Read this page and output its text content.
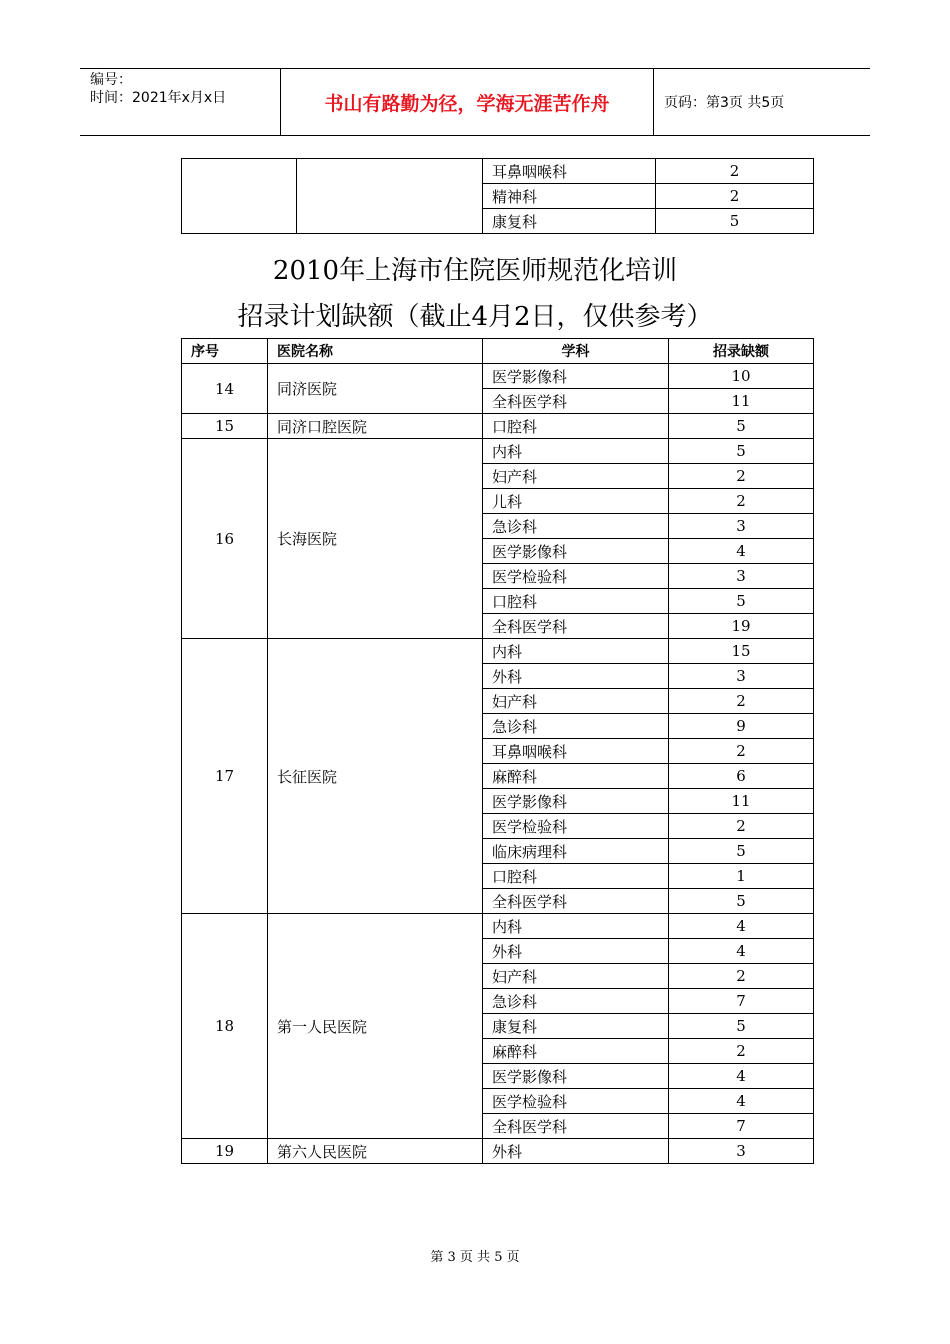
编号：
时间：2021年x月x日	书山有路勤为径，学海无涯苦作舟	页码：第3页 共5页
		耳鼻咽喉科	2
		精神科	2
		康复科	5
2010年上海市住院医师规范化培训
招录计划缺额（截止4月2日，仅供参考）
序号	医院名称	学科	招录缺额
14	同济医院	医学影像科	10
		全科医学科	11
15	同济口腔医院	口腔科	5
16	长海医院	内科	5
		妇产科	2
		儿科	2
		急诊科	3
		医学影像科	4
		医学检验科	3
		口腔科	5
		全科医学科	19
17	长征医院	内科	15
		外科	3
		妇产科	2
		急诊科	9
		耳鼻咽喉科	2
		麻醉科	6
		医学影像科	11
		医学检验科	2
		临床病理科	5
		口腔科	1
		全科医学科	5
18	第一人民医院	内科	4
		外科	4
		妇产科	2
		急诊科	7
		康复科	5
		麻醉科	2
		医学影像科	4
		医学检验科	4
		全科医学科	7
19	第六人民医院	外科	3
第 3 页 共 5 页
